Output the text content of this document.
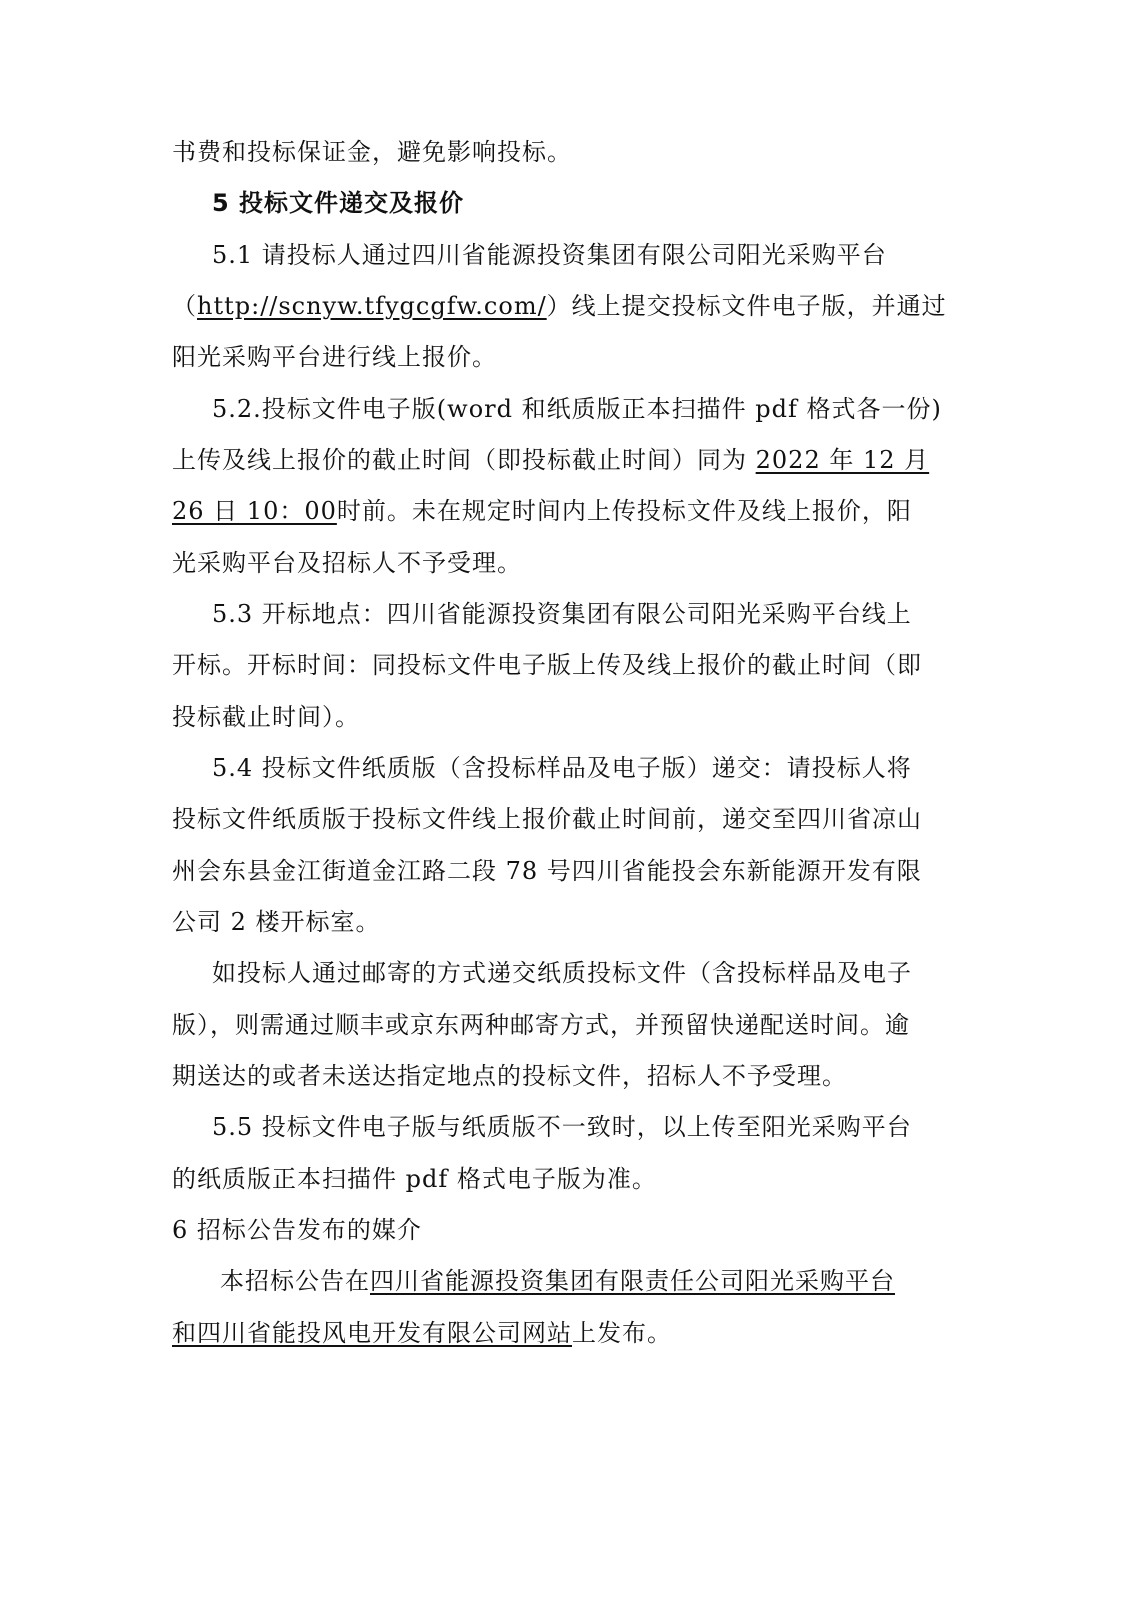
书费和投标保证金，避免影响投标。
5 投标文件递交及报价
5.1 请投标人通过四川省能源投资集团有限公司阳光采购平台
（http://scnyw.tfygcgfw.com/）线上提交投标文件电子版，并通过
阳光采购平台进行线上报价。
5.2.投标文件电子版(word 和纸质版正本扫描件 pdf 格式各一份)
上传及线上报价的截止时间（即投标截止时间）同为 2022 年 12 月
26 日 10：00时前。未在规定时间内上传投标文件及线上报价，阳
光采购平台及招标人不予受理。
5.3 开标地点：四川省能源投资集团有限公司阳光采购平台线上
开标。开标时间：同投标文件电子版上传及线上报价的截止时间（即
投标截止时间）。
5.4 投标文件纸质版（含投标样品及电子版）递交：请投标人将
投标文件纸质版于投标文件线上报价截止时间前，递交至四川省凉山
州会东县金江街道金江路二段 78 号四川省能投会东新能源开发有限
公司 2 楼开标室。
如投标人通过邮寄的方式递交纸质投标文件（含投标样品及电子
版），则需通过顺丰或京东两种邮寄方式，并预留快递配送时间。逾
期送达的或者未送达指定地点的投标文件，招标人不予受理。
5.5 投标文件电子版与纸质版不一致时，以上传至阳光采购平台
的纸质版正本扫描件 pdf 格式电子版为准。
6 招标公告发布的媒介
本招标公告在四川省能源投资集团有限责任公司阳光采购平台
和四川省能投风电开发有限公司网站上发布。
